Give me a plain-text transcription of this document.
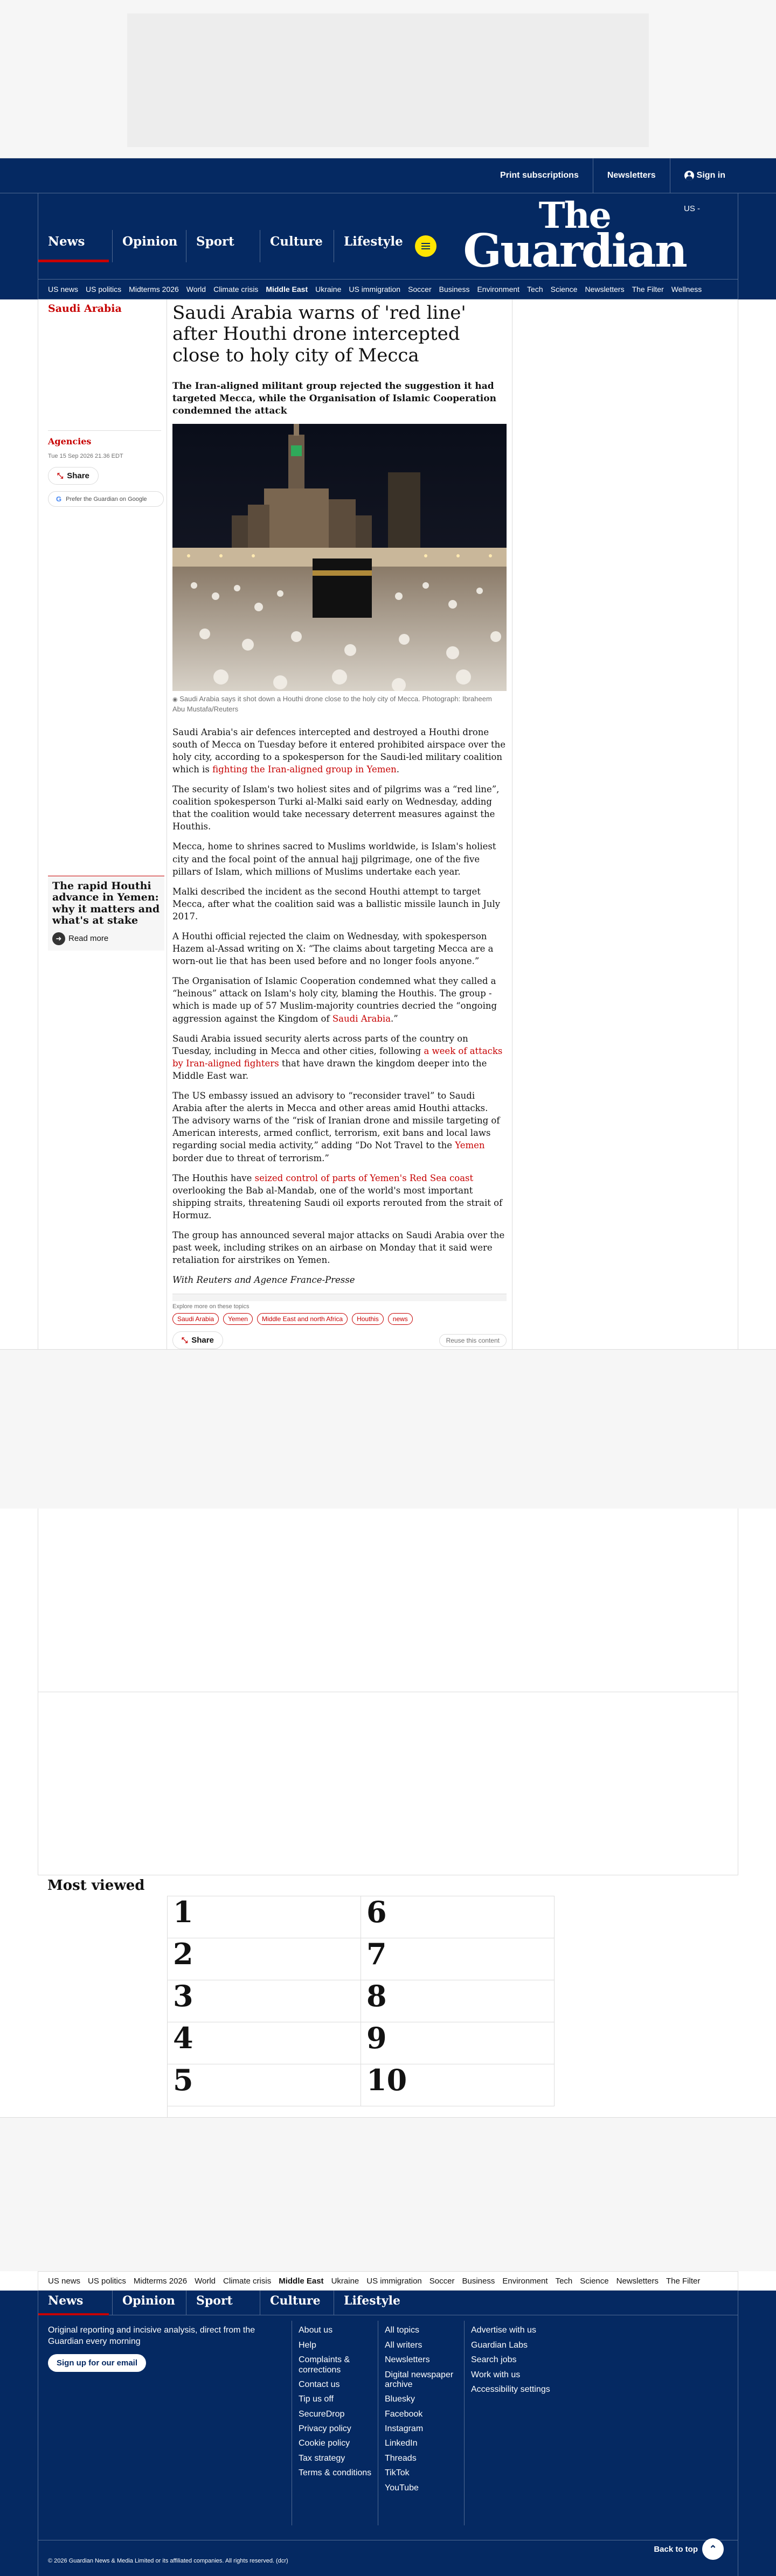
Print subscriptions	Newsletters	Sign in
US -
The
Guardian
News	Opinion	Sport	Culture	Lifestyle
US news US politics Midterms 2026 World Climate crisis Middle East Ukraine US immigration Soccer Business Environment Tech Science Newsletters The Filter Wellness
Saudi Arabia
Agencies
Tue 15 Sep 2026 21.36 EDT
⤡ Share
G Prefer the Guardian on Google
The rapid Houthi advance in Yemen: why it matters and what's at stake
➜ Read more
Saudi Arabia warns of 'red line' after Houthi drone intercepted close to holy city of Mecca
The Iran-aligned militant group rejected the suggestion it had targeted Mecca, while the Organisation of Islamic Cooperation condemned the attack
◉ Saudi Arabia says it shot down a Houthi drone close to the holy city of Mecca. Photograph: Ibraheem Abu Mustafa/Reuters

Saudi Arabia's air defences intercepted and destroyed a Houthi drone south of Mecca on Tuesday before it entered prohibited airspace over the holy city, according to a spokesperson for the Saudi-led military coalition which is fighting the Iran-aligned group in Yemen.

The security of Islam's two holiest sites and of pilgrims was a “red line”, coalition spokesperson Turki al-Malki said early on Wednesday, adding that the coalition would take necessary deterrent measures against the Houthis.

Mecca, home to shrines sacred to Muslims worldwide, is Islam's holiest city and the focal point of the annual hajj pilgrimage, one of the five pillars of Islam, which millions of Muslims undertake each year.

Malki described the incident as the second Houthi attempt to target Mecca, after what the coalition said was a ballistic missile launch in July 2017.

A Houthi official rejected the claim on Wednesday, with spokesperson Hazem al-Assad writing on X: “The claims about targeting Mecca are a worn-out lie that has been used before and no longer fools anyone.”

The Organisation of Islamic Cooperation condemned what they called a “heinous” attack on Islam's holy city, blaming the Houthis. The group - which is made up of 57 Muslim-majority countries decried the “ongoing aggression against the Kingdom of Saudi Arabia.”

Saudi Arabia issued security alerts across parts of the country on Tuesday, including in Mecca and other cities, following a week of attacks by Iran-aligned fighters that have drawn the kingdom deeper into the Middle East war.

The US embassy issued an advisory to “reconsider travel” to Saudi Arabia after the alerts in Mecca and other areas amid Houthi attacks. The advisory warns of the “risk of Iranian drone and missile targeting of American interests, armed conflict, terrorism, exit bans and local laws regarding social media activity,” adding “Do Not Travel to the Yemen border due to threat of terrorism.”

The Houthis have seized control of parts of Yemen's Red Sea coast overlooking the Bab al-Mandab, one of the world's most important shipping straits, threatening Saudi oil exports rerouted from the strait of Hormuz.

The group has announced several major attacks on Saudi Arabia over the past week, including strikes on an airbase on Monday that it said were retaliation for airstrikes on Yemen.

With Reuters and Agence France-Presse

Explore more on these topics
Saudi Arabia	Yemen	Middle East and north Africa	Houthis	news
⤡ Share	Reuse this content
Most viewed
1	6
2	7
3	8
4	9
5	10
US news US politics Midterms 2026 World Climate crisis Middle East Ukraine US immigration Soccer Business Environment Tech Science Newsletters The Filter
News	Opinion	Sport	Culture	Lifestyle
Original reporting and incisive analysis, direct from the Guardian every morning
Sign up for our email
About us
Help
Complaints & corrections
Contact us
Tip us off
SecureDrop
Privacy policy
Cookie policy
Tax strategy
Terms & conditions
All topics
All writers
Newsletters
Digital newspaper archive
Bluesky
Facebook
Instagram
LinkedIn
Threads
TikTok
YouTube
Advertise with us
Guardian Labs
Search jobs
Work with us
Accessibility settings
Back to top	⌃
© 2026 Guardian News & Media Limited or its affiliated companies. All rights reserved. (dcr)
